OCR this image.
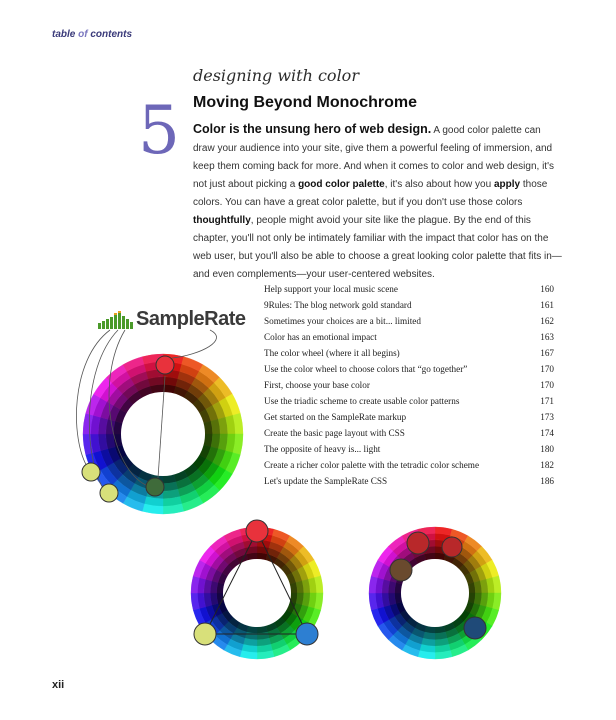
table of contents
5
designing with color
Moving Beyond Monochrome

Color is the unsung hero of web design. A good color palette can draw your audience into your site, give them a powerful feeling of immersion, and keep them coming back for more. And when it comes to color and web design, it's not just about picking a good color palette, it's also about how you apply those colors. You can have a great color palette, but if you don't use those colors thoughtfully, people might avoid your site like the plague. By the end of this chapter, you'll not only be intimately familiar with the impact that color has on the web user, but you'll also be able to choose a great looking color palette that fits in—and even complements—your user-centered websites.

Help support your local music scene	160
9Rules: The blog network gold standard	161
Sometimes your choices are a bit... limited	162
Color has an emotional impact	163
The color wheel (where it all begins)	167
Use the color wheel to choose colors that “go together”	170
First, choose your base color	170
Use the triadic scheme to create usable color patterns	171
Get started on the SampleRate markup	173
Create the basic page layout with CSS	174
The opposite of heavy is... light	180
Create a richer color palette with the tetradic color scheme	182
Let's update the SampleRate CSS	186
SampleRate
xii
